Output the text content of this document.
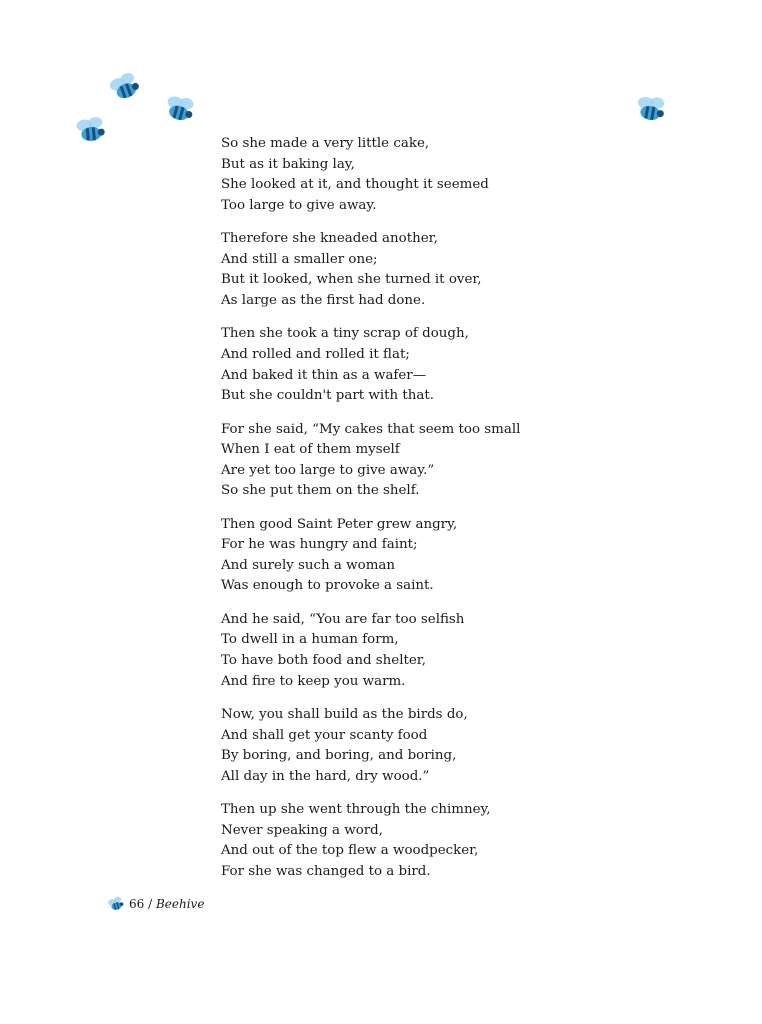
So she made a very little cake,
But as it baking lay,
She looked at it, and thought it seemed
Too large to give away.
Therefore she kneaded another,
And still a smaller one;
But it looked, when she turned it over,
As large as the first had done.
Then she took a tiny scrap of dough,
And rolled and rolled it flat;
And baked it thin as a wafer—
But she couldn't part with that.
For she said, “My cakes that seem too small
When I eat of them myself
Are yet too large to give away.”
So she put them on the shelf.
Then good Saint Peter grew angry,
For he was hungry and faint;
And surely such a woman
Was enough to provoke a saint.
And he said, “You are far too selfish
To dwell in a human form,
To have both food and shelter,
And fire to keep you warm.
Now, you shall build as the birds do,
And shall get your scanty food
By boring, and boring, and boring,
All day in the hard, dry wood.”
Then up she went through the chimney,
Never speaking a word,
And out of the top flew a woodpecker,
For she was changed to a bird.
66 / Beehive
